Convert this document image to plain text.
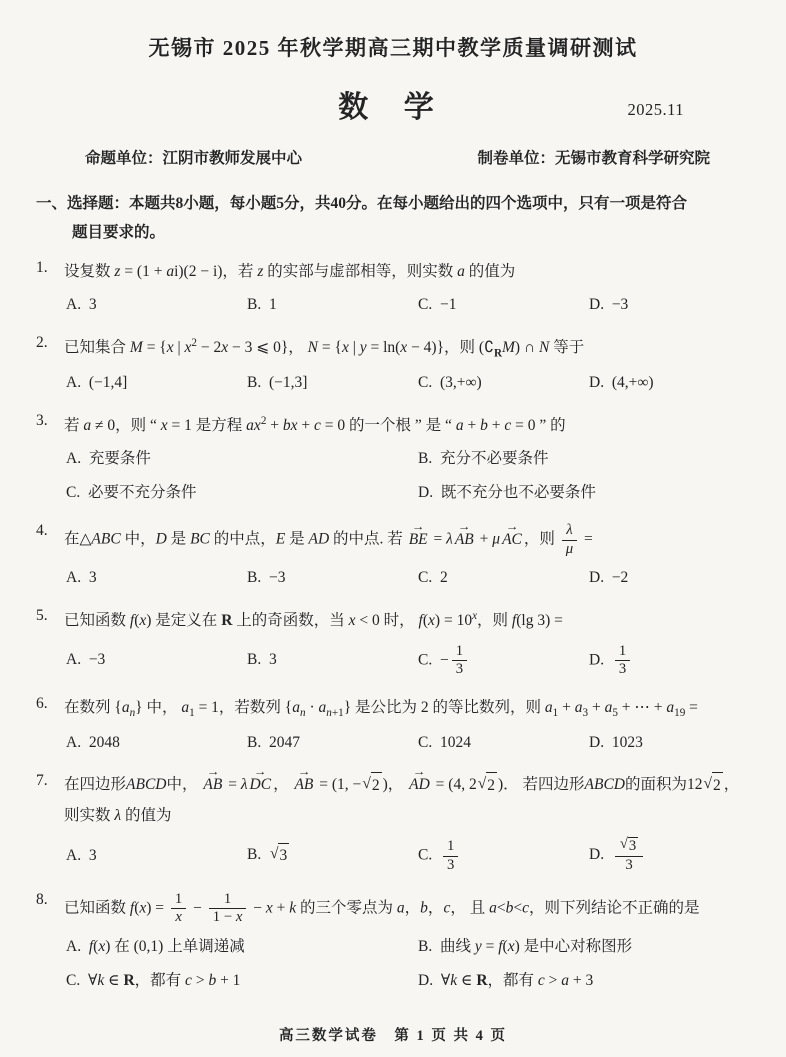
无锡市 2025 年秋学期高三期中教学质量调研测试
数 学	2025.11
命题单位：江阴市教师发展中心	制卷单位：无锡市教育科学研究院
一、选择题：本题共8小题，每小题5分，共40分。在每小题给出的四个选项中，只有一项是符合
题目要求的。
1.	设复数 z = (1 + ai)(2 − i)，若 z 的实部与虚部相等，则实数 a 的值为
A.  3	B.  1	C.  −1	D.  −3
2.	已知集合 M = {x | $x^2 - 2x - 3$ ⩽ 0}， N = {x | y = ln(x − 4)}，则 $(∁_RM)$ ∩ N 等于
A.  (−1,4]	B.  (−1,3]	C.  (3,+∞)	D.  (4,+∞)
3.	若 a ≠ 0，则 “ x = 1 是方程 $ax^2$ + bx + c = 0 的一个根 ” 是 “ a + b + c = 0 ” 的
A.  充要条件	B.  充分不必要条件
C.  必要不充分条件	D.  既不充分也不必要条件
4.
在△ABC 中，D 是 BC 的中点，E 是 AD 的中点. 若 BE → = λ AB → + μ AC → ，则 $\frac{\lambda}{\mu}$ =
A.  3	B.  −3	C.  2	D.  −2
5.	已知函数 f(x) 是定义在 R 上的奇函数，当 x < 0 时， $f(x) = 10^x$，则 f(lg 3) =
A.  −3	B.  3	C.  − $\frac{1}{3}$	D. $\frac{1}{3}$
6.	在数列 $\{a_n\}$ 中， $a_1 = 1$，若数列 $\{a_n \cdot a_{n+1}\}$ 是公比为 2 的等比数列，则 $a_1 + a_3 + a_5$ + ⋯ + $a_{19}$ =
A.  2048	B.  2047	C.  1024	D.  1023
7.	在四边形ABCD中， AB → = λ DC → ， AB → = (1, − √ 2 )， AD → = (4, 2 √ 2 )． 若四边形ABCD的面积为12 √ 2 ，
则实数 λ 的值为
A.  3	B. √ 3	C. $\frac{1}{3}$	D. $\frac{√ 3}{3}$
8.
已知函数 $f(x) = \frac{1}{x} - \frac{1}{1 - x} - x + k$ 的三个零点为 a，b，c， 且 a<b<c，则下列结论不正确的是
A.  f(x) 在 (0,1) 上单调递减	B.  曲线 y = f(x) 是中心对称图形
C.  ∀k ∈ R，都有 c > b + 1	D.  ∀k ∈ R，都有 c > a + 3
高三数学试卷　第 1 页 共 4 页
